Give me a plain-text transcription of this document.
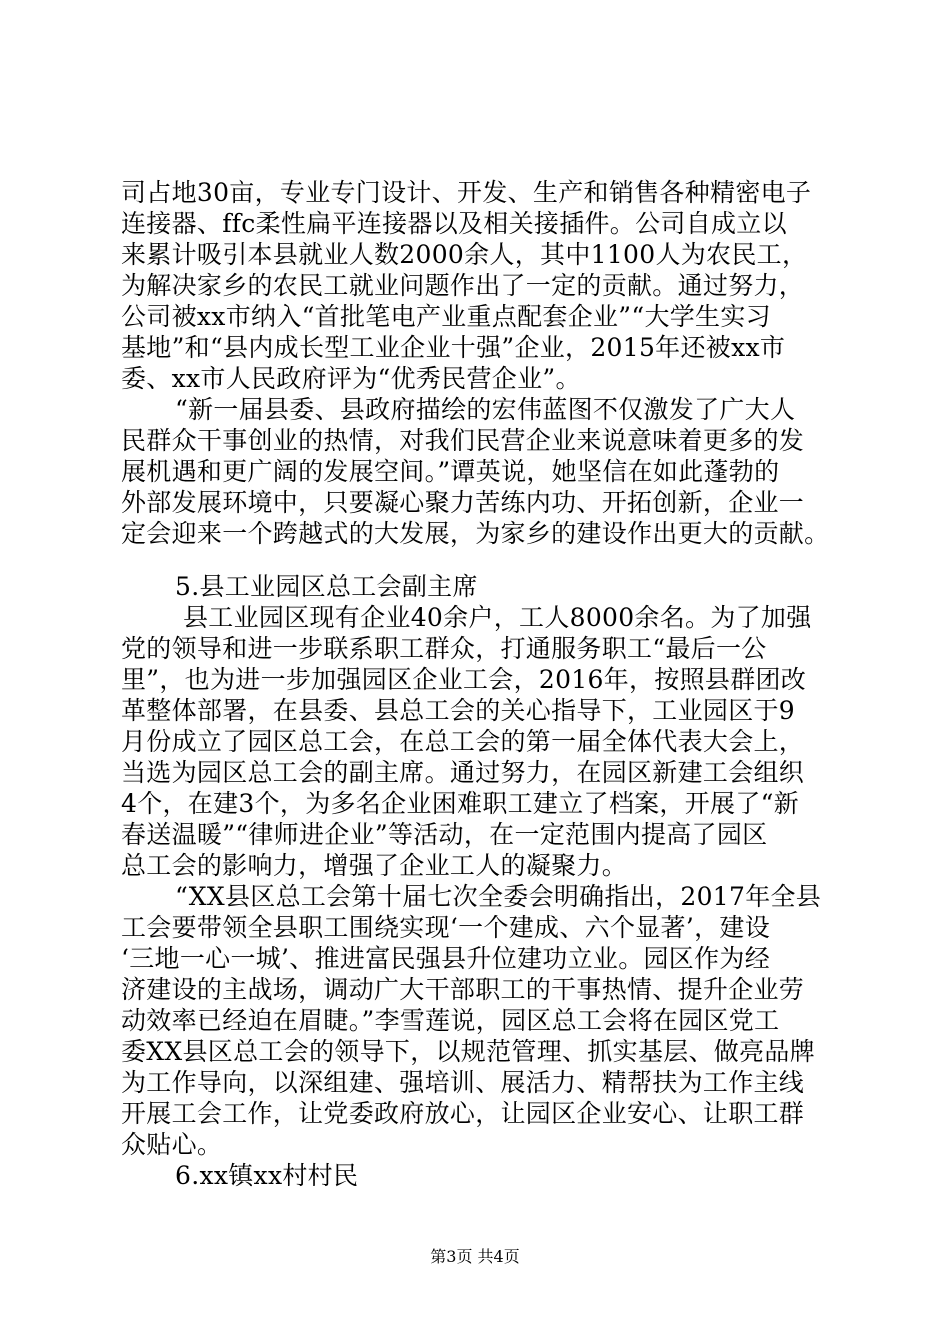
司占地30亩，专业专门设计、开发、生产和销售各种精密电子
连接器、ffc柔性扁平连接器以及相关接插件。公司自成立以
来累计吸引本县就业人数2000余人，其中1100人为农民工，
为解决家乡的农民工就业问题作出了一定的贡献。通过努力，
公司被xx市纳入“首批笔电产业重点配套企业”“大学生实习
基地”和“县内成长型工业企业十强”企业，2015年还被xx市
委、xx市人民政府评为“优秀民营企业”。
“新一届县委、县政府描绘的宏伟蓝图不仅激发了广大人
民群众干事创业的热情，对我们民营企业来说意味着更多的发
展机遇和更广阔的发展空间。”谭英说，她坚信在如此蓬勃的
外部发展环境中，只要凝心聚力苦练内功、开拓创新，企业一
定会迎来一个跨越式的大发展，为家乡的建设作出更大的贡献。
5.县工业园区总工会副主席
县工业园区现有企业40余户，工人8000余名。为了加强
党的领导和进一步联系职工群众，打通服务职工“最后一公
里”，也为进一步加强园区企业工会，2016年，按照县群团改
革整体部署，在县委、县总工会的关心指导下，工业园区于9
月份成立了园区总工会，在总工会的第一届全体代表大会上，
当选为园区总工会的副主席。通过努力，在园区新建工会组织
4个，在建3个，为多名企业困难职工建立了档案，开展了“新
春送温暖”“律师进企业”等活动，在一定范围内提高了园区
总工会的影响力，增强了企业工人的凝聚力。
“XX县区总工会第十届七次全委会明确指出，2017年全县
工会要带领全县职工围绕实现‘一个建成、六个显著’，建设
‘三地一心一城’、推进富民强县升位建功立业。园区作为经
济建设的主战场，调动广大干部职工的干事热情、提升企业劳
动效率已经迫在眉睫。”李雪莲说，园区总工会将在园区党工
委XX县区总工会的领导下，以规范管理、抓实基层、做亮品牌
为工作导向，以深组建、强培训、展活力、精帮扶为工作主线
开展工会工作，让党委政府放心，让园区企业安心、让职工群
众贴心。
6.xx镇xx村村民
第3页 共4页
